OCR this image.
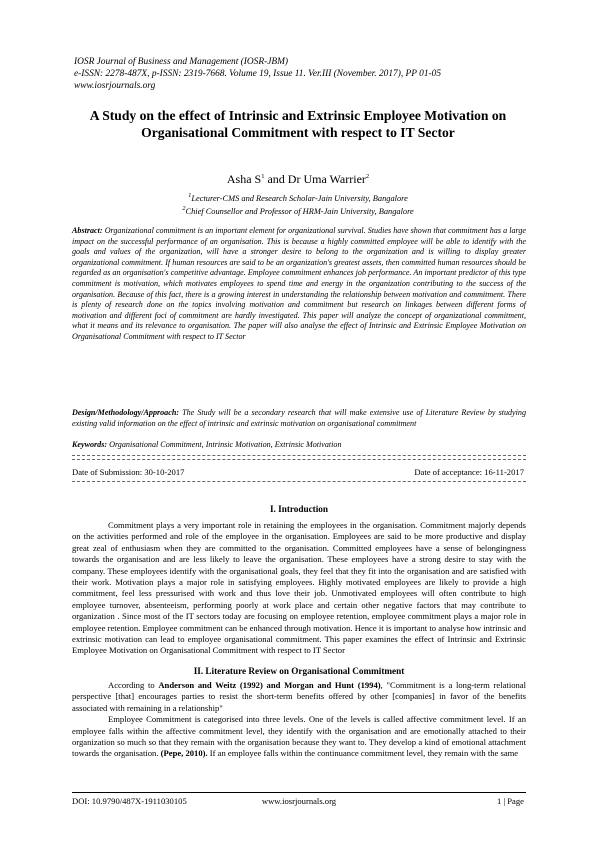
IOSR Journal of Business and Management (IOSR-JBM)
e-ISSN: 2278-487X, p-ISSN: 2319-7668. Volume 19, Issue 11. Ver.III (November. 2017), PP 01-05
www.iosrjournals.org
A Study on the effect of Intrinsic and Extrinsic Employee Motivation on Organisational Commitment with respect to IT Sector
Asha $S^1$ and Dr Uma Warrier$^2$
$^1$Lecturer-CMS and Research Scholar-Jain University, Bangalore
$^2$Chief Counsellor and Professor of HRM-Jain University, Bangalore
Abstract: Organizational commitment is an important element for organizational survival. Studies have shown that commitment has a large impact on the successful performance of an organisation. This is because a highly committed employee will be able to identify with the goals and values of the organization, will have a stronger desire to belong to the organization and is willing to display greater organizational commitment. If human resources are said to be an organization's greatest assets, then committed human resources should be regarded as an organisation's competitive advantage. Employee commitment enhances job performance. An important predictor of this type commitment is motivation, which motivates employees to spend time and energy in the organization contributing to the success of the organisation. Because of this fact, there is a growing interest in understanding the relationship between motivation and commitment. There is plenty of research done on the topics involving motivation and commitment but research on linkages between different forms of motivation and different foci of commitment are hardly investigated. This paper will analyze the concept of organizational commitment, what it means and its relevance to organisation. The paper will also analyse the effect of Intrinsic and Extrinsic Employee Motivation on Organisational Commitment with respect to IT Sector
Design/Methodology/Approach: The Study will be a secondary research that will make extensive use of Literature Review by studying existing valid information on the effect of intrinsic and extrinsic motivation on organisational commitment
Keywords: Organisational Commitment, Intrinsic Motivation, Extrinsic Motivation
Date of Submission: 30-10-2017	Date of acceptance: 16-11-2017
I. Introduction

Commitment plays a very important role in retaining the employees in the organisation. Commitment majorly depends on the activities performed and role of the employee in the organisation. Employees are said to be more productive and display great zeal of enthusiasm when they are committed to the organisation. Committed employees have a sense of belongingness towards the organisation and are less likely to leave the organisation. These employees have a strong desire to stay with the company. These employees identify with the organisational goals, they feel that they fit into the organisation and are satisfied with their work. Motivation plays a major role in satisfying employees. Highly motivated employees are likely to provide a high commitment, feel less pressurised with work and thus love their job. Unmotivated employees will often contribute to high employee turnover, absenteeism, performing poorly at work place and certain other negative factors that may contribute to organization . Since most of the IT sectors today are focusing on employee retention, employee commitment plays a major role in employee retention. Employee commitment can be enhanced through motivation. Hence it is important to analyse how intrinsic and extrinsic motivation can lead to employee organisational commitment. This paper examines the effect of Intrinsic and Extrinsic Employee Motivation on Organisational Commitment with respect to IT Sector

II. Literature Review on Organisational Commitment

According to Anderson and Weitz (1992) and Morgan and Hunt (1994), "Commitment is a long-term relational perspective [that] encourages parties to resist the short-term benefits offered by other [companies] in favor of the benefits associated with remaining in a relationship"

Employee Commitment is categorised into three levels. One of the levels is called affective commitment level. If an employee falls within the affective commitment level, they identify with the organisation and are emotionally attached to their organization so much so that they remain with the organisation because they want to. They develop a kind of emotional attachment towards the organisation. (Pepe, 2010). If an employee falls within the continuance commitment level, they remain with the same

DOI: 10.9790/487X-1911030105	www.iosrjournals.org	1 | Page
